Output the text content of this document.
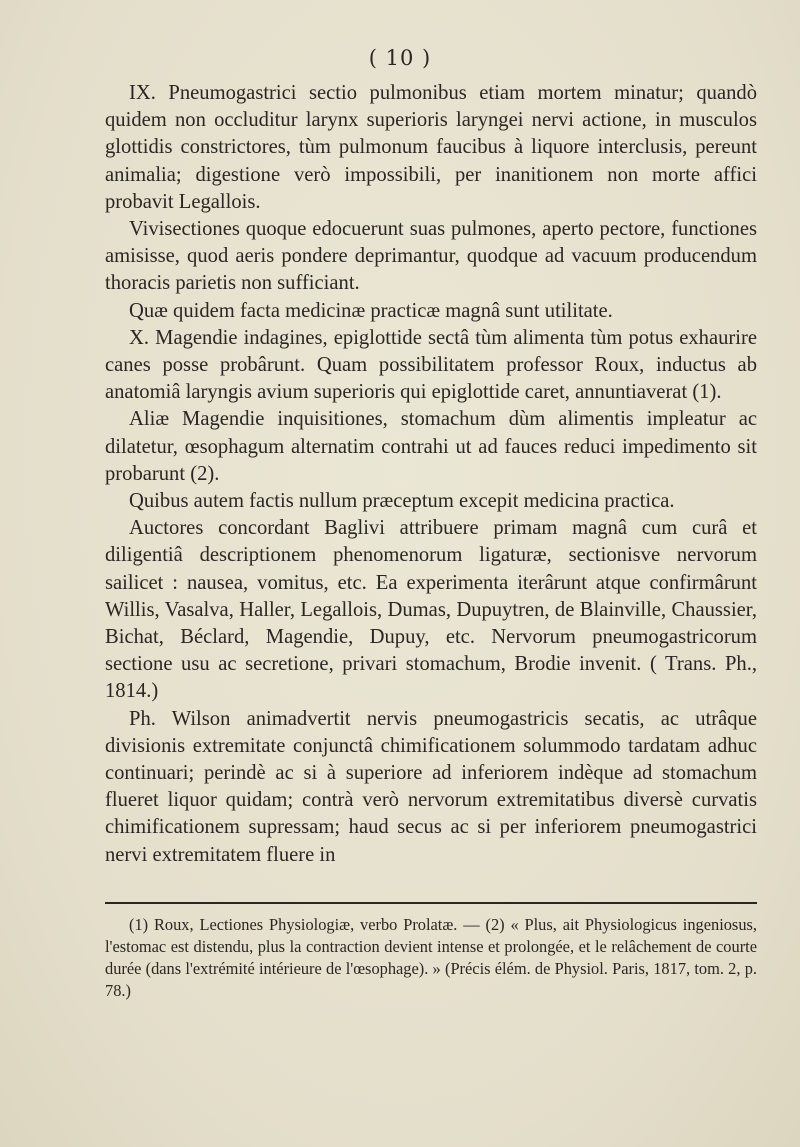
( 10 )

IX. Pneumogastrici sectio pulmonibus etiam mortem minatur; quandò quidem non occluditur larynx superioris laryngei nervi actione, in musculos glottidis constrictores, tùm pulmonum faucibus à liquore interclusis, pereunt animalia; digestione verò impossibili, per inanitionem non morte affici probavit Legallois.

Vivisectiones quoque edocuerunt suas pulmones, aperto pectore, functiones amisisse, quod aeris pondere deprimantur, quodque ad vacuum producendum thoracis parietis non sufficiant.

Quæ quidem facta medicinæ practicæ magnâ sunt utilitate.

X. Magendie indagines, epiglottide sectâ tùm alimenta tùm potus exhaurire canes posse probârunt. Quam possibilitatem professor Roux, inductus ab anatomiâ laryngis avium superioris qui epiglottide caret, annuntiaverat (1).

Aliæ Magendie inquisitiones, stomachum dùm alimentis impleatur ac dilatetur, œsophagum alternatim contrahi ut ad fauces reduci impedimento sit probarunt (2).

Quibus autem factis nullum præceptum excepit medicina practica.

Auctores concordant Baglivi attribuere primam magnâ cum curâ et diligentiâ descriptionem phenomenorum ligaturæ, sectionisve nervorum sailicet : nausea, vomitus, etc. Ea experimenta iterârunt atque confirmârunt Willis, Vasalva, Haller, Legallois, Dumas, Dupuytren, de Blainville, Chaussier, Bichat, Béclard, Magendie, Dupuy, etc. Nervorum pneumogastricorum sectione usu ac secretione, privari stomachum, Brodie invenit. ( Trans. Ph., 1814.)

Ph. Wilson animadvertit nervis pneumogastricis secatis, ac utrâque divisionis extremitate conjunctâ chimificationem solummodo tardatam adhuc continuari; perindè ac si à superiore ad inferiorem indèque ad stomachum flueret liquor quidam; contrà verò nervorum extremitatibus diversè curvatis chimificationem supressam; haud secus ac si per inferiorem pneumogastrici nervi extremitatem fluere in

(1) Roux, Lectiones Physiologiæ, verbo Prolatæ. — (2) « Plus, ait Physiologicus ingeniosus, l'estomac est distendu, plus la contraction devient intense et prolongée, et le relâchement de courte durée (dans l'extrémité intérieure de l'œsophage). » (Précis élém. de Physiol. Paris, 1817, tom. 2, p. 78.)
